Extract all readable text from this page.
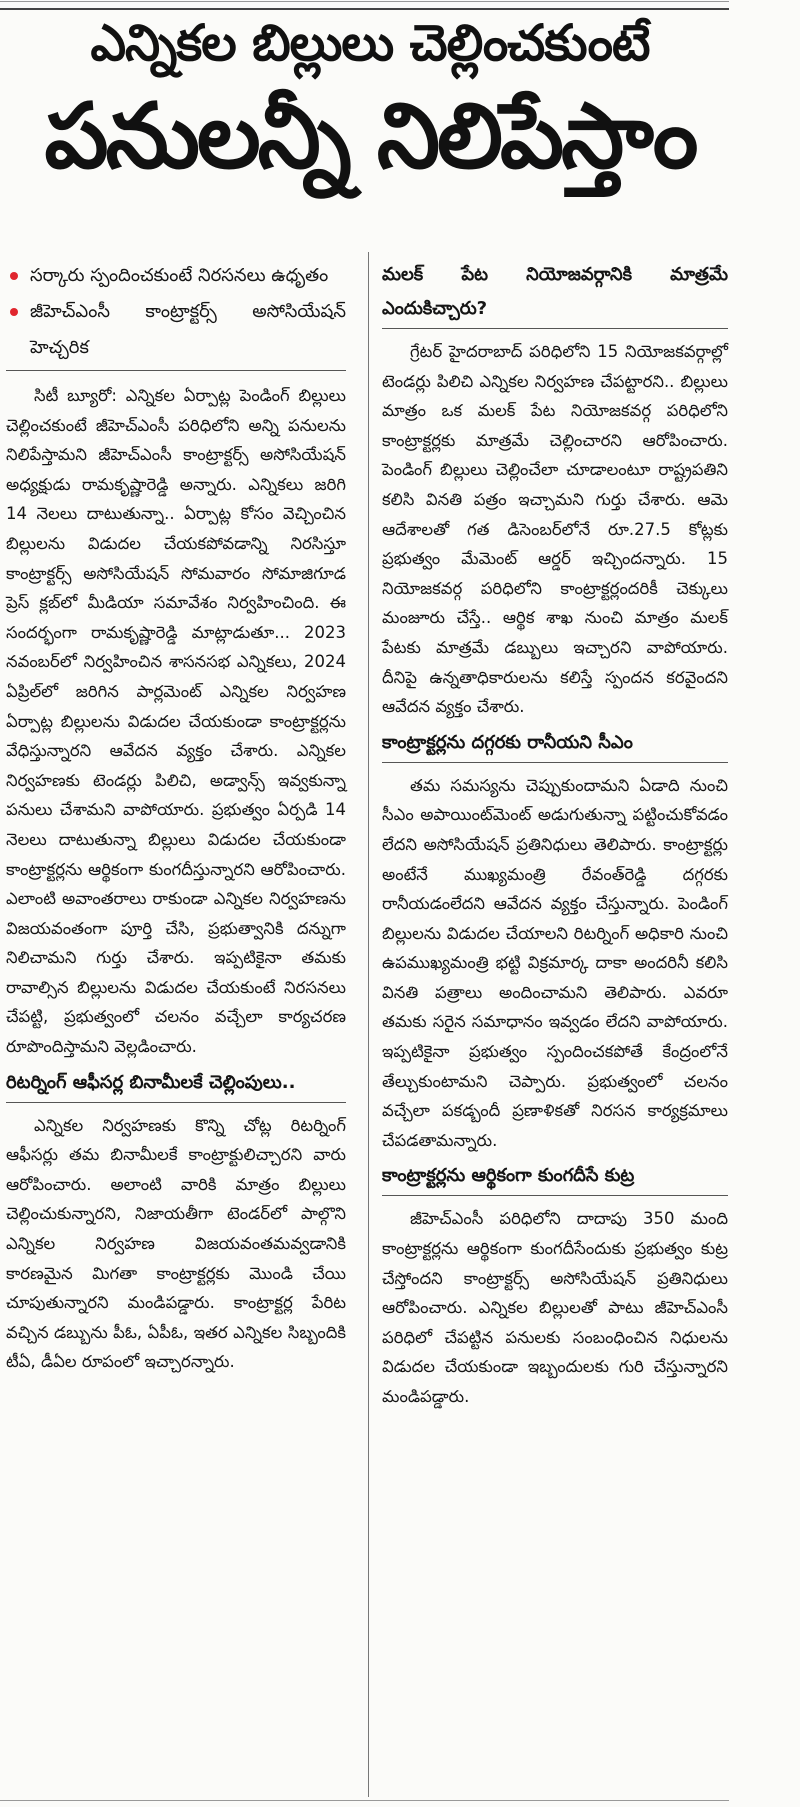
ఎన్నికల బిల్లులు చెల్లించకుంటే
పనులన్నీ నిలిపేస్తాం

సర్కారు స్పందించకుంటే నిరసనలు ఉధృతం

జీహెచ్ఎంసీ కాంట్రాక్టర్స్ అసోసియేషన్ హెచ్చరిక

సిటీ బ్యూరో: ఎన్నికల ఏర్పాట్ల పెండింగ్ బిల్లులు చెల్లించకుంటే జీహెచ్ఎంసీ పరిధిలోని అన్ని పనులను నిలిపేస్తామని జీహెచ్ఎంసీ కాంట్రాక్టర్స్ అసోసియేషన్ అధ్యక్షుడు రామకృష్ణారెడ్డి అన్నారు. ఎన్నికలు జరిగి 14 నెలలు దాటుతున్నా.. ఏర్పాట్ల కోసం వెచ్చించిన బిల్లులను విడుదల చేయకపోవడాన్ని నిరసిస్తూ కాంట్రాక్టర్స్ అసోసియేషన్ సోమవారం సోమాజిగూడ ప్రెస్ క్లబ్‌లో మీడియా సమావేశం నిర్వహించింది. ఈ సందర్భంగా రామకృష్ణారెడ్డి మాట్లాడుతూ... 2023 నవంబర్‌లో నిర్వహించిన శాసనసభ ఎన్నికలు, 2024 ఏప్రిల్‌లో జరిగిన పార్లమెంట్ ఎన్నికల నిర్వహణ ఏర్పాట్ల బిల్లులను విడుదల చేయకుండా కాంట్రాక్టర్లను వేధిస్తున్నారని ఆవేదన వ్యక్తం చేశారు. ఎన్నికల నిర్వహణకు టెండర్లు పిలిచి, అడ్వాన్స్ ఇవ్వకున్నా పనులు చేశామని వాపోయారు. ప్రభుత్వం ఏర్పడి 14 నెలలు దాటుతున్నా బిల్లులు విడుదల చేయకుండా కాంట్రాక్టర్లను ఆర్థికంగా కుంగదీస్తున్నారని ఆరోపించారు. ఎలాంటి అవాంతరాలు రాకుండా ఎన్నికల నిర్వహణను విజయవంతంగా పూర్తి చేసి, ప్రభుత్వానికి దన్నుగా నిలిచామని గుర్తు చేశారు. ఇప్పటికైనా తమకు రావాల్సిన బిల్లులను విడుదల చేయకుంటే నిరసనలు చేపట్టి, ప్రభుత్వంలో చలనం వచ్చేలా కార్యచరణ రూపొందిస్తామని వెల్లడించారు.

రిటర్నింగ్ ఆఫీసర్ల బినామీలకే చెల్లింపులు..

ఎన్నికల నిర్వహణకు కొన్ని చోట్ల రిటర్నింగ్ ఆఫీసర్లు తమ బినామీలకే కాంట్రాక్టులిచ్చారని వారు ఆరోపించారు. అలాంటి వారికి మాత్రం బిల్లులు చెల్లించుకున్నారని, నిజాయతీగా టెండర్‌లో పాల్గొని ఎన్నికల నిర్వహణ విజయవంతమవ్వడానికి కారణమైన మిగతా కాంట్రాక్టర్లకు మొండి చేయి చూపుతున్నారని మండిపడ్డారు. కాంట్రాక్టర్ల పేరిట వచ్చిన డబ్బును పీఓ, ఏపీఓ, ఇతర ఎన్నికల సిబ్బందికి టీఏ, డీఏల రూపంలో ఇచ్చారన్నారు.

మలక్ పేట నియోజవర్గానికి మాత్రమే ఎందుకిచ్చారు?

గ్రేటర్ హైదరాబాద్ పరిధిలోని 15 నియోజకవర్గాల్లో టెండర్లు పిలిచి ఎన్నికల నిర్వహణ చేపట్టారని.. బిల్లులు మాత్రం ఒక మలక్ పేట నియోజకవర్గ పరిధిలోని కాంట్రాక్టర్లకు మాత్రమే చెల్లించారని ఆరోపించారు. పెండింగ్ బిల్లులు చెల్లించేలా చూడాలంటూ రాష్ట్రపతిని కలిసి వినతి పత్రం ఇచ్చామని గుర్తు చేశారు. ఆమె ఆదేశాలతో గత డిసెంబర్‌లోనే రూ.27.5 కోట్లకు ప్రభుత్వం మేమెంట్ ఆర్డర్ ఇచ్చిందన్నారు. 15 నియోజకవర్గ పరిధిలోని కాంట్రాక్టర్లందరికీ చెక్కులు మంజూరు చేస్తే.. ఆర్థిక శాఖ నుంచి మాత్రం మలక్ పేటకు మాత్రమే డబ్బులు ఇచ్చారని వాపోయారు. దీనిపై ఉన్నతాధికారులను కలిస్తే స్పందన కరవైందని ఆవేదన వ్యక్తం చేశారు.

కాంట్రాక్టర్లను దగ్గరకు రానీయని సీఎం

తమ సమస్యను చెప్పుకుందామని ఏడాది నుంచి సీఎం అపాయింట్‌మెంట్ అడుగుతున్నా పట్టించుకోవడం లేదని అసోసియేషన్ ప్రతినిధులు తెలిపారు. కాంట్రాక్టర్లు అంటేనే ముఖ్యమంత్రి రేవంత్‌రెడ్డి దగ్గరకు రానీయడంలేదని ఆవేదన వ్యక్తం చేస్తున్నారు. పెండింగ్ బిల్లులను విడుదల చేయాలని రిటర్నింగ్ అధికారి నుంచి ఉపముఖ్యమంత్రి భట్టి విక్రమార్క దాకా అందరినీ కలిసి వినతి పత్రాలు అందించామని తెలిపారు. ఎవరూ తమకు సరైన సమాధానం ఇవ్వడం లేదని వాపోయారు. ఇప్పటికైనా ప్రభుత్వం స్పందించకపోతే కేంద్రంలోనే తేల్చుకుంటామని చెప్పారు. ప్రభుత్వంలో చలనం వచ్చేలా పకడ్బందీ ప్రణాళికతో నిరసన కార్యక్రమాలు చేపడతామన్నారు.

కాంట్రాక్టర్లను ఆర్థికంగా కుంగదీసే కుట్ర

జీహెచ్ఎంసీ పరిధిలోని దాదాపు 350 మంది కాంట్రాక్టర్లను ఆర్థికంగా కుంగదీసేందుకు ప్రభుత్వం కుట్ర చేస్తోందని కాంట్రాక్టర్స్ అసోసియేషన్ ప్రతినిధులు ఆరోపించారు. ఎన్నికల బిల్లులతో పాటు జీహెచ్ఎంసీ పరిధిలో చేపట్టిన పనులకు సంబంధించిన నిధులను విడుదల చేయకుండా ఇబ్బందులకు గురి చేస్తున్నారని మండిపడ్డారు.
